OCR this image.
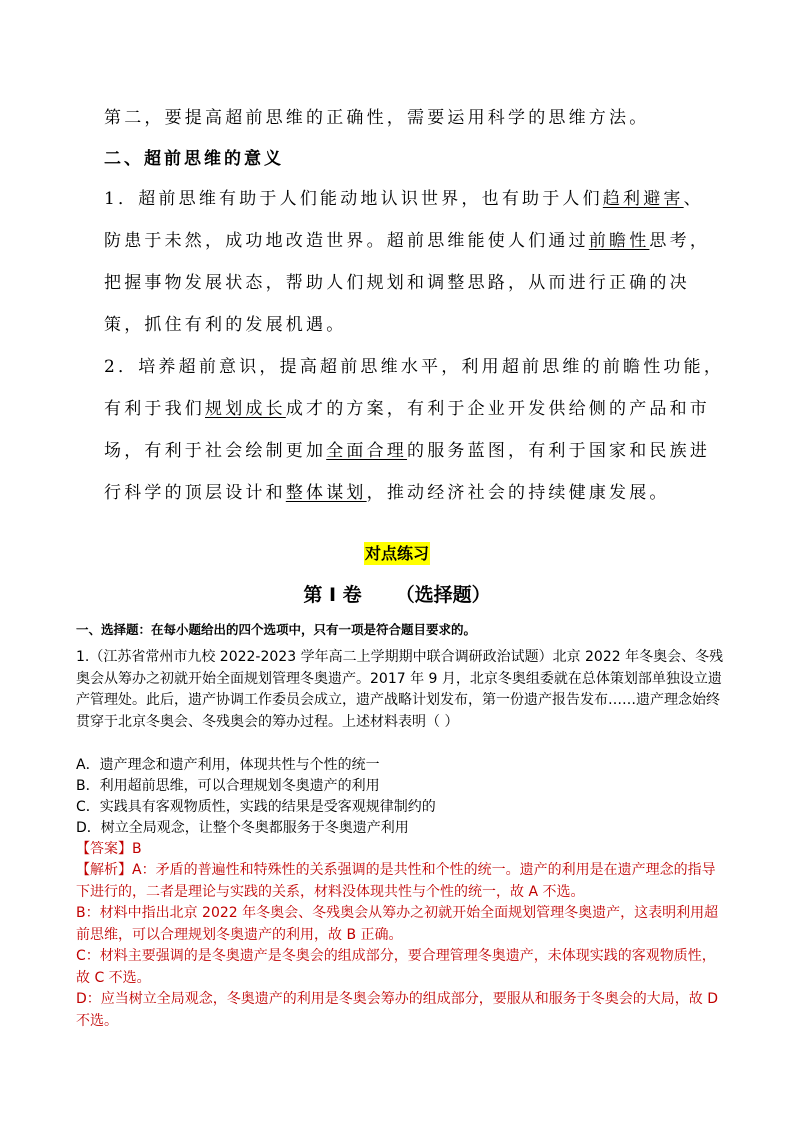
第二，要提高超前思维的正确性，需要运用科学的思维方法。
二、超前思维的意义
1．超前思维有助于人们能动地认识世界，也有助于人们趋利避害、防患于未然，成功地改造世界。超前思维能使人们通过前瞻性思考，把握事物发展状态，帮助人们规划和调整思路，从而进行正确的决策，抓住有利的发展机遇。
2．培养超前意识，提高超前思维水平，利用超前思维的前瞻性功能，有利于我们规划成长成才的方案，有利于企业开发供给侧的产品和市场，有利于社会绘制更加全面合理的服务蓝图，有利于国家和民族进行科学的顶层设计和整体谋划，推动经济社会的持续健康发展。
对点练习
第 I 卷 （选择题）
一、选择题：在每小题给出的四个选项中，只有一项是符合题目要求的。
1.（江苏省常州市九校 2022-2023 学年高二上学期期中联合调研政治试题）北京 2022 年冬奥会、冬残奥会从筹办之初就开始全面规划管理冬奥遗产。2017 年 9 月，北京冬奥组委就在总体策划部单独设立遗产管理处。此后，遗产协调工作委员会成立，遗产战略计划发布，第一份遗产报告发布……遗产理念始终贯穿于北京冬奥会、冬残奥会的筹办过程。上述材料表明（ ）
A．遗产理念和遗产利用，体现共性与个性的统一
B．利用超前思维，可以合理规划冬奥遗产的利用
C．实践具有客观物质性，实践的结果是受客观规律制约的
D．树立全局观念，让整个冬奥都服务于冬奥遗产利用
【答案】B
【解析】A：矛盾的普遍性和特殊性的关系强调的是共性和个性的统一。遗产的利用是在遗产理念的指导下进行的，二者是理论与实践的关系，材料没体现共性与个性的统一，故 A 不选。
B：材料中指出北京 2022 年冬奥会、冬残奥会从筹办之初就开始全面规划管理冬奥遗产，这表明利用超前思维，可以合理规划冬奥遗产的利用，故 B 正确。
C：材料主要强调的是冬奥遗产是冬奥会的组成部分，要合理管理冬奥遗产，未体现实践的客观物质性，故 C 不选。
D：应当树立全局观念，冬奥遗产的利用是冬奥会筹办的组成部分，要服从和服务于冬奥会的大局，故 D 不选。
